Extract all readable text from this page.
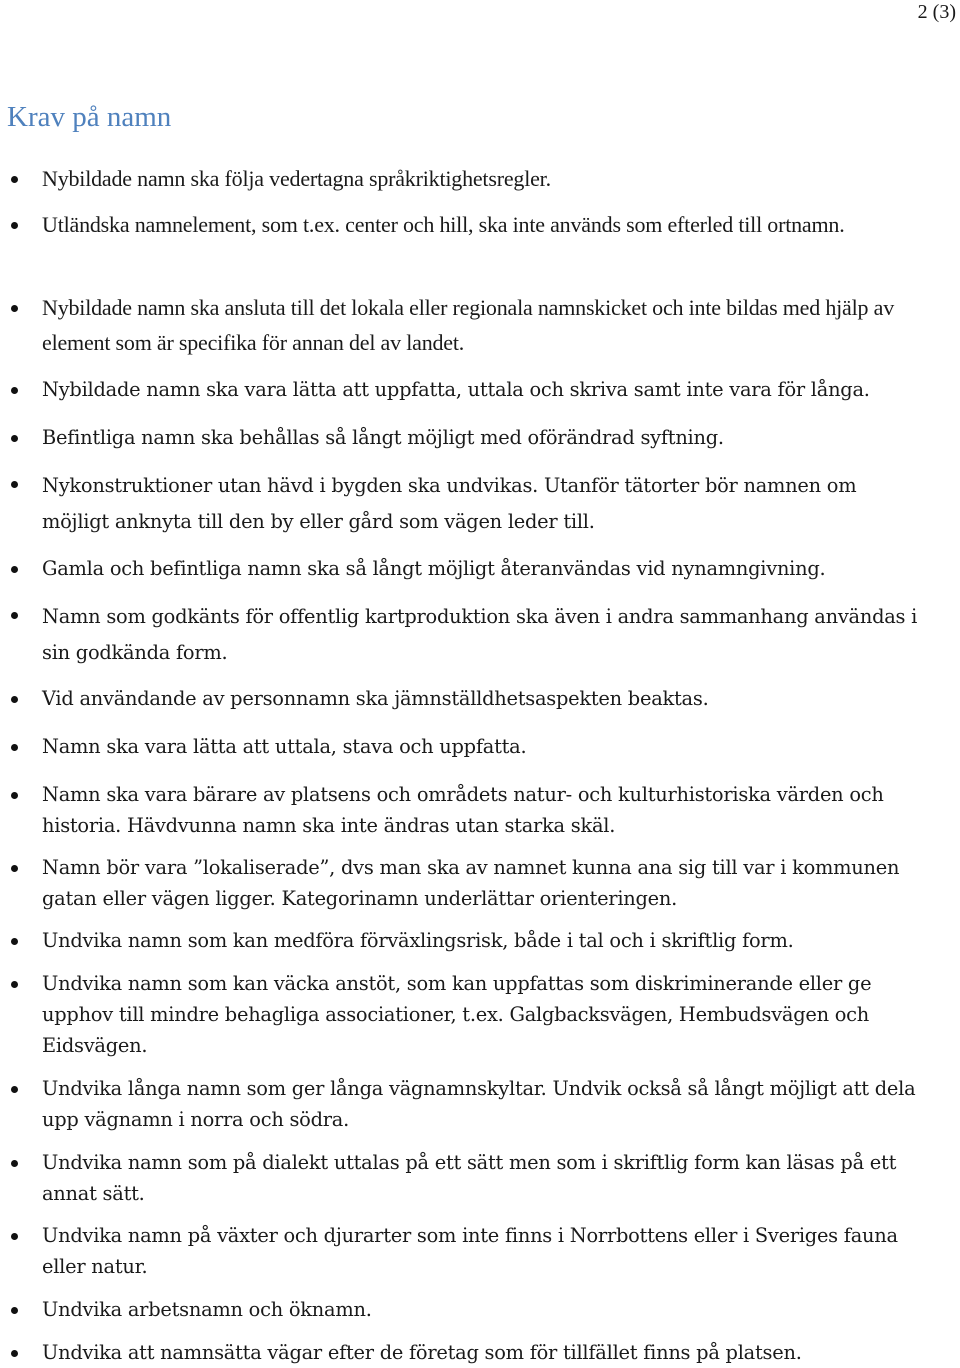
2 (3)
Krav på namn
Nybildade namn ska följa vedertagna språkriktighetsregler.
Utländska namnelement, som t.ex. center och hill, ska inte används som efterled till ortnamn.
Nybildade namn ska ansluta till det lokala eller regionala namnskicket och inte bildas med hjälp av element som är specifika för annan del av landet.
Nybildade namn ska vara lätta att uppfatta, uttala och skriva samt inte vara för långa.
Befintliga namn ska behållas så långt möjligt med oförändrad syftning.
Nykonstruktioner utan hävd i bygden ska undvikas. Utanför tätorter bör namnen om möjligt anknyta till den by eller gård som vägen leder till.
Gamla och befintliga namn ska så långt möjligt återanvändas vid nynamngivning.
Namn som godkänts för offentlig kartproduktion ska även i andra sammanhang användas i sin godkända form.
Vid användande av personnamn ska jämnställdhetsaspekten beaktas.
Namn ska vara lätta att uttala, stava och uppfatta.
Namn ska vara bärare av platsens och områdets natur- och kulturhistoriska värden och historia. Hävdvunna namn ska inte ändras utan starka skäl.
Namn bör vara ”lokaliserade”, dvs man ska av namnet kunna ana sig till var i kommunen gatan eller vägen ligger. Kategorinamn underlättar orienteringen.
Undvika namn som kan medföra förväxlingsrisk, både i tal och i skriftlig form.
Undvika namn som kan väcka anstöt, som kan uppfattas som diskriminerande eller ge upphov till mindre behagliga associationer, t.ex. Galgbacksvägen, Hembudsvägen och Eidsvägen.
Undvika långa namn som ger långa vägnamnskyltar. Undvik också så långt möjligt att dela upp vägnamn i norra och södra.
Undvika namn som på dialekt uttalas på ett sätt men som i skriftlig form kan läsas på ett annat sätt.
Undvika namn på växter och djurarter som inte finns i Norrbottens eller i Sveriges fauna eller natur.
Undvika arbetsnamn och öknamn.
Undvika att namnsätta vägar efter de företag som för tillfället finns på platsen.
